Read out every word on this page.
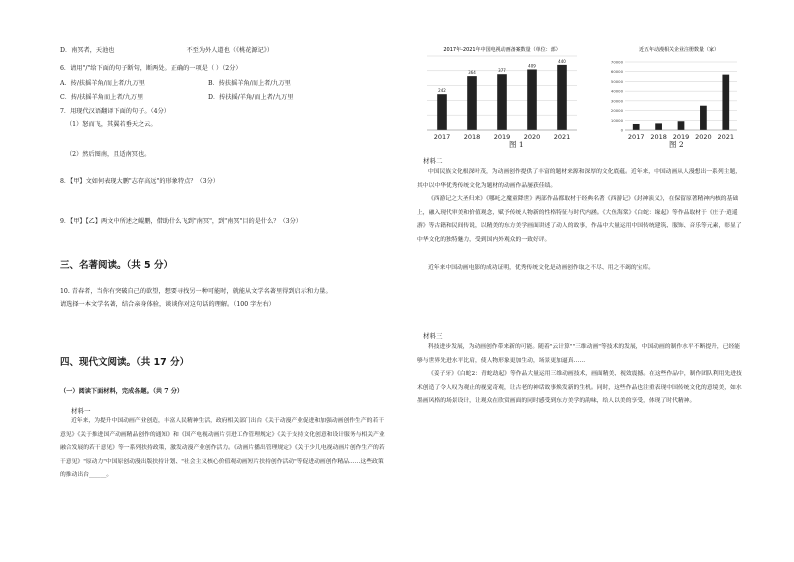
D．南冥者，天池也	不至为外人道也（《桃花源记》）
6．请用"/"给下面的句子断句，断两处。正确的一项是（ ）（2分）
A．抟/扶摇羊角/而上者/九万里	B．抟扶摇羊角/而上者/九万里
C．抟/扶摇羊角而上者/九万里	D．抟扶摇/羊角/而上者/九万里
7．用现代汉语翻译下面的句子。（4分）
（1）怒而飞，其翼若垂天之云。
（2）然后图南，且适南冥也。
8．【甲】文如何表现大鹏"志存高远"的形象特点？（3分）
9．【甲】【乙】两文中所述之鲲鹏，借助什么飞到"南冥"，到"南冥"目的是什么？（3分）
三、名著阅读。（共 5 分）
10. 青春者，当你有突破自己的欲望，想要寻找另一种可能时，就能从文学名著里得到启示和力量。
请选择一本文学名著，结合亲身体验，谈谈你对这句话的理解。（100 字左右）
四、现代文阅读。（共 17 分）
（一）阅读下面材料，完成各题。（共 7 分）
材料一
近年来，为提升中国动画产业创造，丰富人民精神生活，政府相关部门出台《关于动漫产业促进和加强动画创作生产的若干意见》《关于推进国产动画精品创作的通知》和《国产电视动画片引进工作管理规定》《关于支持文化创意和设计服务与相关产业融合发展的若干意见》等一系列扶持政策，激发动漫产业创作活力。《动画片播出管理规定》《关于少儿电视动画片创作生产的若干意见》"原动力"中国原创动漫出版扶持计划、"社会主义核心价值观动画短片扶持创作活动"等促进动画创作精品……这些政策的推动出台______。
2017年-2021年中国电视动画备案数量（单位：部）
242
2017
364
2018
377
2019
409
2020
440
2021
图 1
近五年动漫相关企业注册数量（家）
0
10000
20000
30000
40000
50000
60000
70000
2017 2018 2019 2020 2021
图 2
材料二
中国民族文化根深叶茂，为动画创作提供了丰富的题材来源和深厚的文化底蕴。近年来，中国动画从人漫想出一系列主题，其中以中华优秀传统文化为题材的动画作品屡获佳绩。
《西游记之大圣归来》《哪吒之魔童降世》两部作品都取材于经典名著《西游记》《封神演义》，在保留原著精神内核的基础上，融入现代审美和价值观念，赋予传统人物新的性格特征与时代内涵。《大鱼海棠》《白蛇：缘起》等作品取材于《庄子·逍遥游》等古籍和民间传说，以精美的东方美学画面讲述了动人的故事，作品中大量运用中国传统建筑、服饰、音乐等元素，彰显了中华文化的独特魅力，受到国内外观众的一致好评。
近年来中国动画电影的成功证明，优秀传统文化是动画创作取之不尽、用之不竭的宝库。
材料三
科技进步发展，为动画创作带来新的可能。随着"云计算""三维动画"等技术的发展，中国动画的制作水平不断提升，已经能够与世界先进水平比肩，使人物形象更加生动，场景更加逼真……
《姜子牙》《白蛇2：青蛇劫起》等作品大量运用三维动画技术，画面精美、视效震撼。在这些作品中，制作团队利用先进技术创造了令人叹为观止的视觉奇观，让古老的神话故事焕发新的生机。同时，这些作品也注重表现中国传统文化的意境美，如水墨画风格的场景设计，让观众在欣赏画面的同时感受到东方美学的韵味，给人以美的享受，体现了时代精神。
